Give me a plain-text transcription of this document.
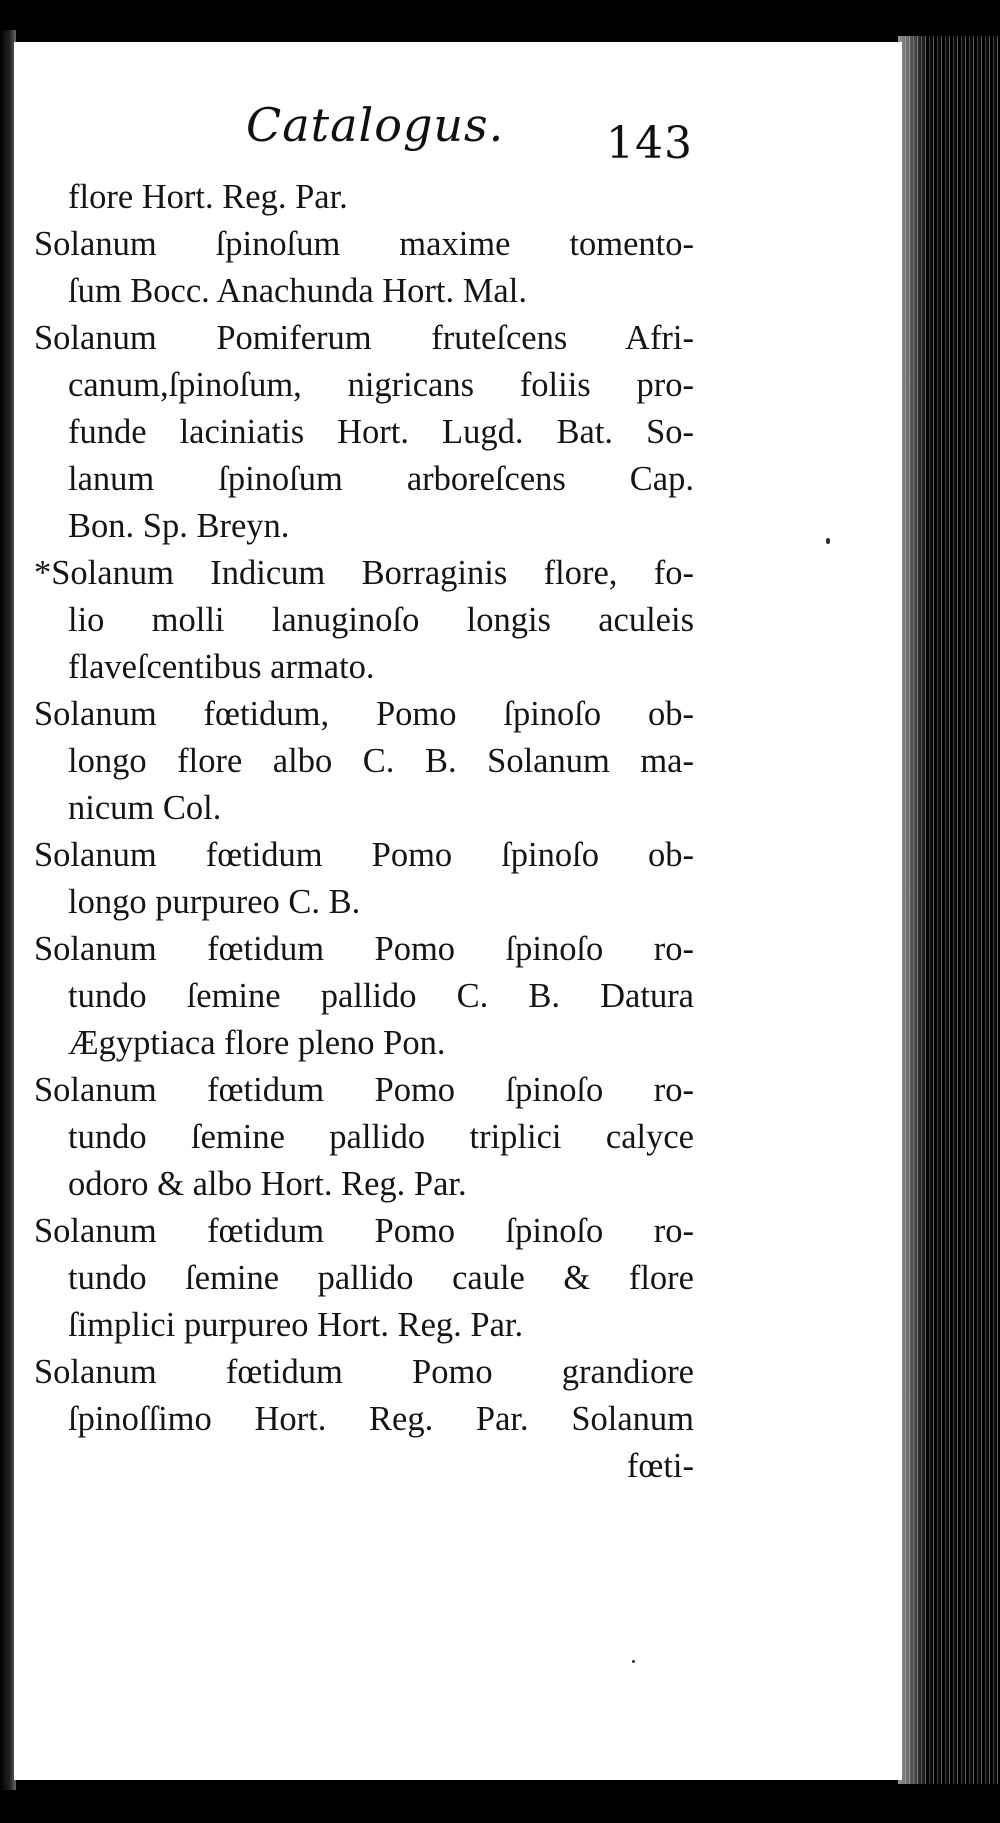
Catalogus. 143
flore Hort. Reg. Par.
Solanum ſpinoſum maxime tomento-
ſum Bocc. Anachunda Hort. Mal.
Solanum Pomiferum fruteſcens Afri-
canum,ſpinoſum, nigricans foliis pro-
funde laciniatis Hort. Lugd. Bat. So-
lanum ſpinoſum arboreſcens Cap.
Bon. Sp. Breyn.
*Solanum Indicum Borraginis flore, fo-
lio molli lanuginoſo longis aculeis
flaveſcentibus armato.
Solanum fœtidum, Pomo ſpinoſo ob-
longo flore albo C. B. Solanum ma-
nicum Col.
Solanum fœtidum Pomo ſpinoſo ob-
longo purpureo C. B.
Solanum fœtidum Pomo ſpinoſo ro-
tundo ſemine pallido C. B. Datura
Ægyptiaca flore pleno Pon.
Solanum fœtidum Pomo ſpinoſo ro-
tundo ſemine pallido triplici calyce
odoro & albo Hort. Reg. Par.
Solanum fœtidum Pomo ſpinoſo ro-
tundo ſemine pallido caule & flore
ſimplici purpureo Hort. Reg. Par.
Solanum fœtidum Pomo grandiore
ſpinoſſimo Hort. Reg. Par. Solanum
fœti-
